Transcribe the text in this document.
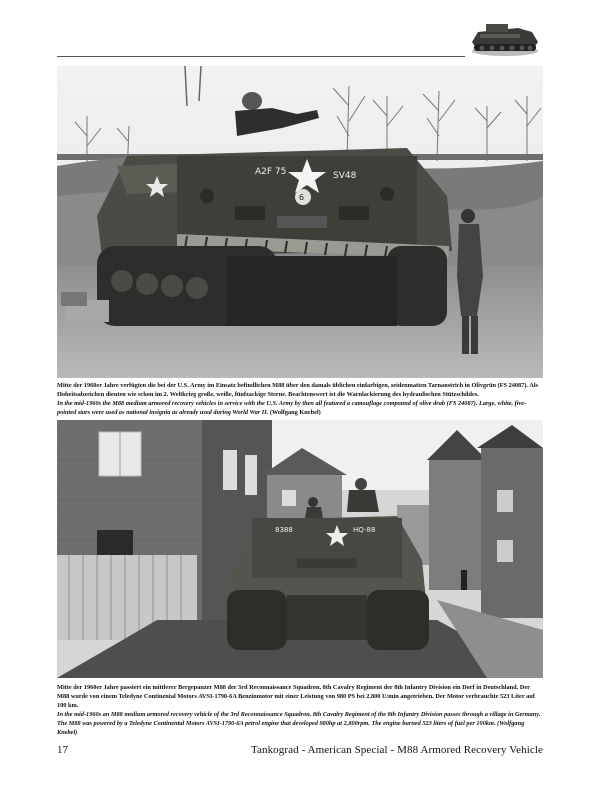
A2F 75	SV48
6

Mitte der 1960er Jahre verfügten die bei der U.S. Army im Einsatz befindlichen M88 über den damals üblichen einfarbigen, seidenmatten Tarnanstrich in Olivgrün (FS 24087). Als Hoheitsabzeichen dienten wie schon im 2. Weltkrieg große, weiße, fünfzackige Sterne. Beachtenswert ist die Warnlackierung des hydraulischen Stützschildes.

In the mid-1960s the M88 medium armored recovery vehicles in service with the U.S. Army by then all featured a camouflage compound of olive drab (FS 24087). Large, white, five-pointed stars were used as national insignia as already used during World War II. (Wolfgang Knebel)

8388	HQ-88

Mitte der 1960er Jahre passiert ein mittlerer Bergepanzer M88 der 3rd Reconnaissance Squadron, 8th Cavalry Regiment der 8th Infantry Division ein Dorf in Deutschland. Der M88 wurde von einem Teledyne Continental Motors AVSI-1790-6A Benzinmotor mit einer Leistung von 980 PS bei 2.800 U/min angetrieben. Der Motor verbrauchte 523 Liter auf 100 km.

In the mid-1960s an M88 medium armored recovery vehicle of the 3rd Reconnaissance Squadron, 8th Cavalry Regiment of the 8th Infantry Division passes through a village in Germany. The M88 was powered by a Teledyne Continental Motors AVSI-1790-6A petrol engine that developed 980hp at 2,800rpm. The engine burned 523 liters of fuel per 100km. (Wolfgang Knebel)

17	Tankograd - American Special - M88 Armored Recovery Vehicle
